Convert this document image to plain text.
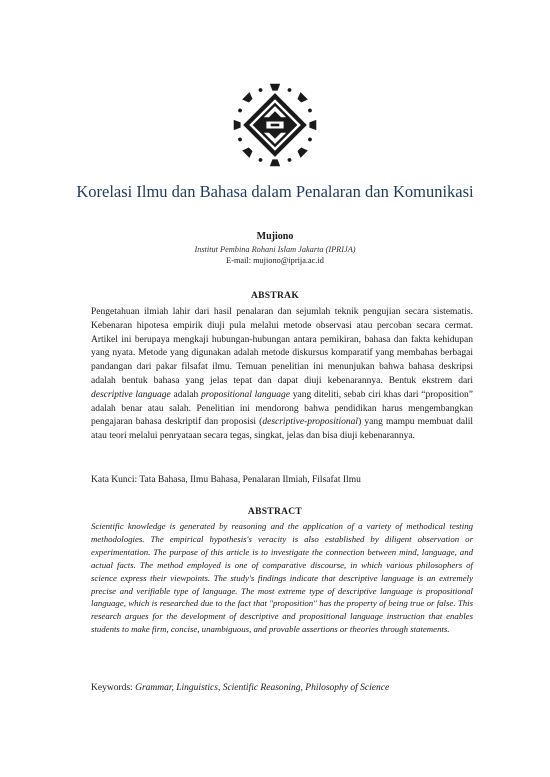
Korelasi Ilmu dan Bahasa dalam Penalaran dan Komunikasi
Mujiono
Institut Pembina Rohani Islam Jakarta (IPRIJA)
E-mail: mujiono@iprija.ac.id
ABSTRAK
Pengetahuan ilmiah lahir dari hasil penalaran dan sejumlah teknik pengujian secara sistematis. Kebenaran hipotesa empirik diuji pula melalui metode observasi atau percoban secara cermat. Artikel ini berupaya mengkaji hubungan-hubungan antara pemikiran, bahasa dan fakta kehidupan yang nyata. Metode yang digunakan adalah metode diskursus komparatif yang membahas berbagai pandangan dari pakar filsafat ilmu. Temuan penelitian ini menunjukan bahwa bahasa deskripsi adalah bentuk bahasa yang jelas tepat dan dapat diuji kebenarannya. Bentuk ekstrem dari descriptive language adalah propositional language yang diteliti, sebab ciri khas dari “proposition” adalah benar atau salah. Penelitian ini mendorong bahwa pendidikan harus mengembangkan pengajaran bahasa deskriptif dan proposisi (descriptive-propositional) yang mampu membuat dalil atau teori melalui penryataan secara tegas, singkat, jelas dan bisa diuji kebenarannya.
Kata Kunci: Tata Bahasa, Ilmu Bahasa, Penalaran Ilmiah, Filsafat Ilmu
ABSTRACT
Scientific knowledge is generated by reasoning and the application of a variety of methodical testing methodologies. The empirical hypothesis's veracity is also established by diligent observation or experimentation. The purpose of this article is to investigate the connection between mind, language, and actual facts. The method employed is one of comparative discourse, in which various philosophers of science express their viewpoints. The study's findings indicate that descriptive language is an extremely precise and verifiable type of language. The most extreme type of descriptive language is propositional language, which is researched due to the fact that "proposition" has the property of being true or false. This research argues for the development of descriptive and propositional language instruction that enables students to make firm, concise, unambiguous, and provable assertions or theories through statements.
Keywords: Grammar, Linguistics, Scientific Reasoning, Philosophy of Science
